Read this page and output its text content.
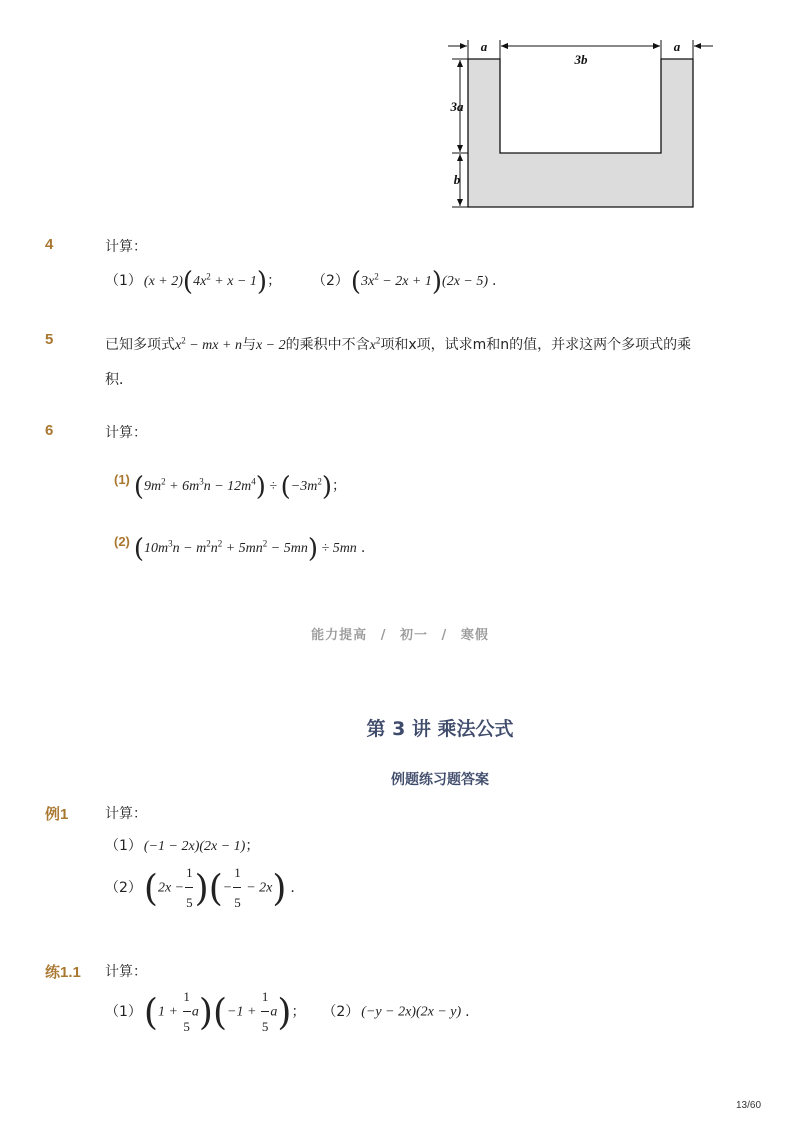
a
3b
a
3a
b
4	计算：
（1） $(x + 2)(4x^2 + x - 1)$； $(2)(3x^2 - 2x + 1)(2x - 5)$ .
5	已知多项式$x^2$ − mx + n与x − 2的乘积中不含$x^2$项和x项，试求m和n的值，并求这两个多项式的乘
积．
6	计算：
(1) $(9m^2 + 6m^3n - 12m^4) \div (-3m^2)$；
(2) $(10m^3n - m^2n^2 + 5mn^2 - 5mn) \div 5mn$ .
能力提高 / 初一 / 寒假
第 3 讲 乘法公式
例题练习题答案
例1	计算：
（1） (−1 − 2x)(2x − 1)；
$(2)(2x - \frac{1}{5}$ )(− $\frac{1}{5} - 2x$) .
练1.1 计算：
$(1)(1 + \frac{1}{5} a)(-1 + \frac{1}{5} a)$； （2） (−y − 2x)(2x − y) .
13/60
